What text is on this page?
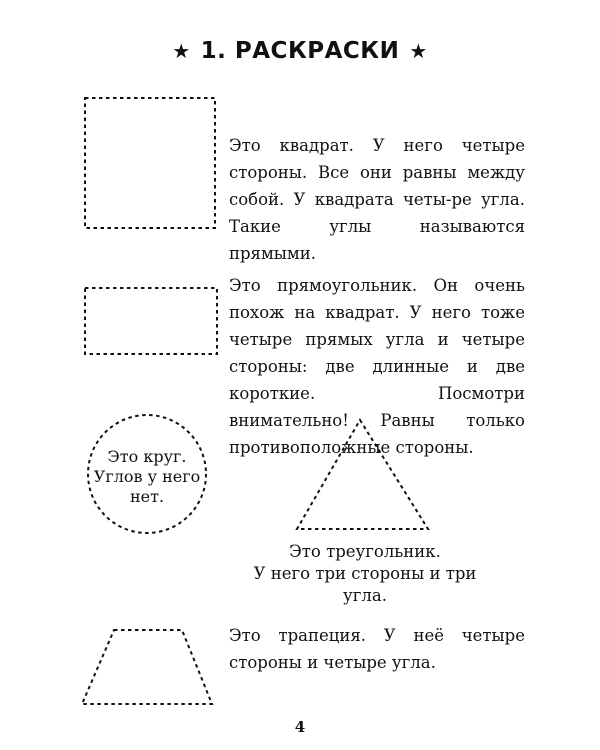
★ 1. РАСКРАСКИ ★
Это квадрат. У него четыре стороны. Все они равны между собой. У квадрата четы-ре угла. Такие углы называются прямыми.
Это прямоугольник. Он очень похож на квадрат. У него тоже четыре прямых угла и четыре стороны: две длинные и две короткие. Посмотри внимательно! Равны только противоположные стороны.
Это круг.
Углов у него
нет.
Это треугольник.
У него три стороны и три угла.
Это трапеция. У неё четыре стороны и четыре угла.
4
